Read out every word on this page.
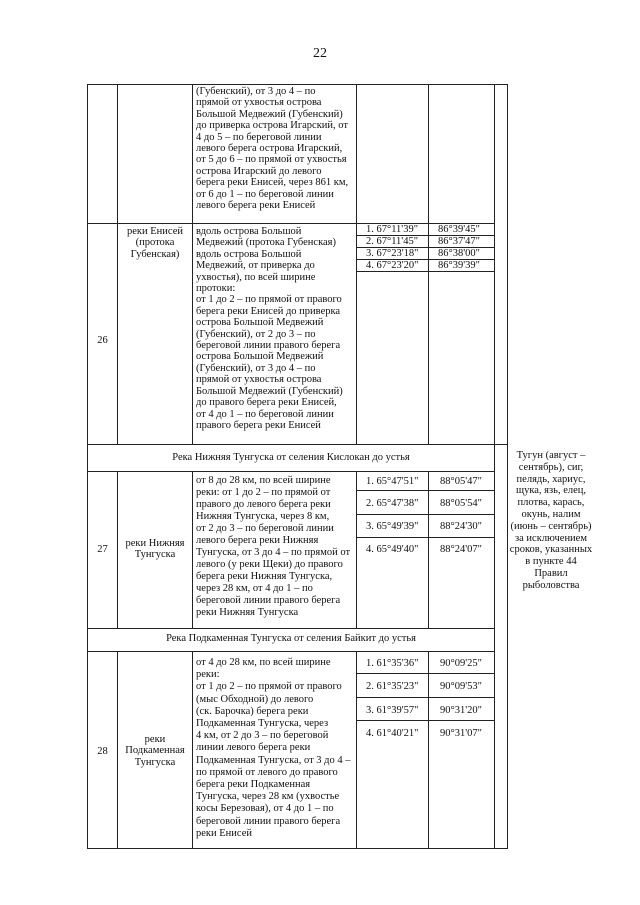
22
(Губенский), от 3 до 4 – по
прямой от ухвостья острова
Большой Медвежий (Губенский)
до приверка острова Игарский, от
4 до 5 – по береговой линии
левого берега острова Игарский,
от 5 до 6 – по прямой от ухвостья
острова Игарский до левого
берега реки Енисей, через 861 км,
от 6 до 1 – по береговой линии
левого берега реки Енисей
26
реки Енисей
(протока
Губенская)
вдоль острова Большой
Медвежий (протока Губенская)
вдоль острова Большой
Медвежий, от приверка до
ухвостья), по всей ширине
протоки:
от 1 до 2 – по прямой от правого
берега реки Енисей до приверка
острова Большой Медвежий
(Губенский), от 2 до 3 – по
береговой линии правого берега
острова Большой Медвежий
(Губенский), от 3 до 4 – по
прямой от ухвостья острова
Большой Медвежий (Губенский)
до правого берега реки Енисей,
от 4 до 1 – по береговой линии
правого берега реки Енисей
1. 67°11'39" 86°39'45"
2. 67°11'45" 86°37'47"
3. 67°23'18" 86°38'00"
4. 67°23'20" 86°39'39"
Река Нижняя Тунгуска от селения Кислокан до устья	Тугун (август –
сентябрь), сиг,
пелядь, хариус,
щука, язь, елец,
плотва, карась,
окунь, налим
(июнь – сентябрь)
за исключением
сроков, указанных
в пункте 44
Правил
рыболовства
27
реки Нижняя
Тунгуска
от 8 до 28 км, по всей ширине
реки: от 1 до 2 – по прямой от
правого до левого берега реки
Нижняя Тунгуска, через 8 км,
от 2 до 3 – по береговой линии
левого берега реки Нижняя
Тунгуска, от 3 до 4 – по прямой от
левого (у реки Щеки) до правого
берега реки Нижняя Тунгуска,
через 28 км, от 4 до 1 – по
береговой линии правого берега
реки Нижняя Тунгуска
1. 65°47'51" 88°05'47"
2. 65°47'38" 88°05'54"
3. 65°49'39" 88°24'30"
4. 65°49'40" 88°24'07"
Река Подкаменная Тунгуска от селения Байкит до устья
28
реки
Подкаменная
Тунгуска
от 4 до 28 км, по всей ширине
реки:
от 1 до 2 – по прямой от правого
(мыс Обходной) до левого
(ск. Барочка) берега реки
Подкаменная Тунгуска, через
4 км, от 2 до 3 – по береговой
линии левого берега реки
Подкаменная Тунгуска, от 3 до 4 –
по прямой от левого до правого
берега реки Подкаменная
Тунгуска, через 28 км (ухвостье
косы Березовая), от 4 до 1 – по
береговой линии правого берега
реки Енисей
1. 61°35'36" 90°09'25"
2. 61°35'23" 90°09'53"
3. 61°39'57" 90°31'20"
4. 61°40'21" 90°31'07"
